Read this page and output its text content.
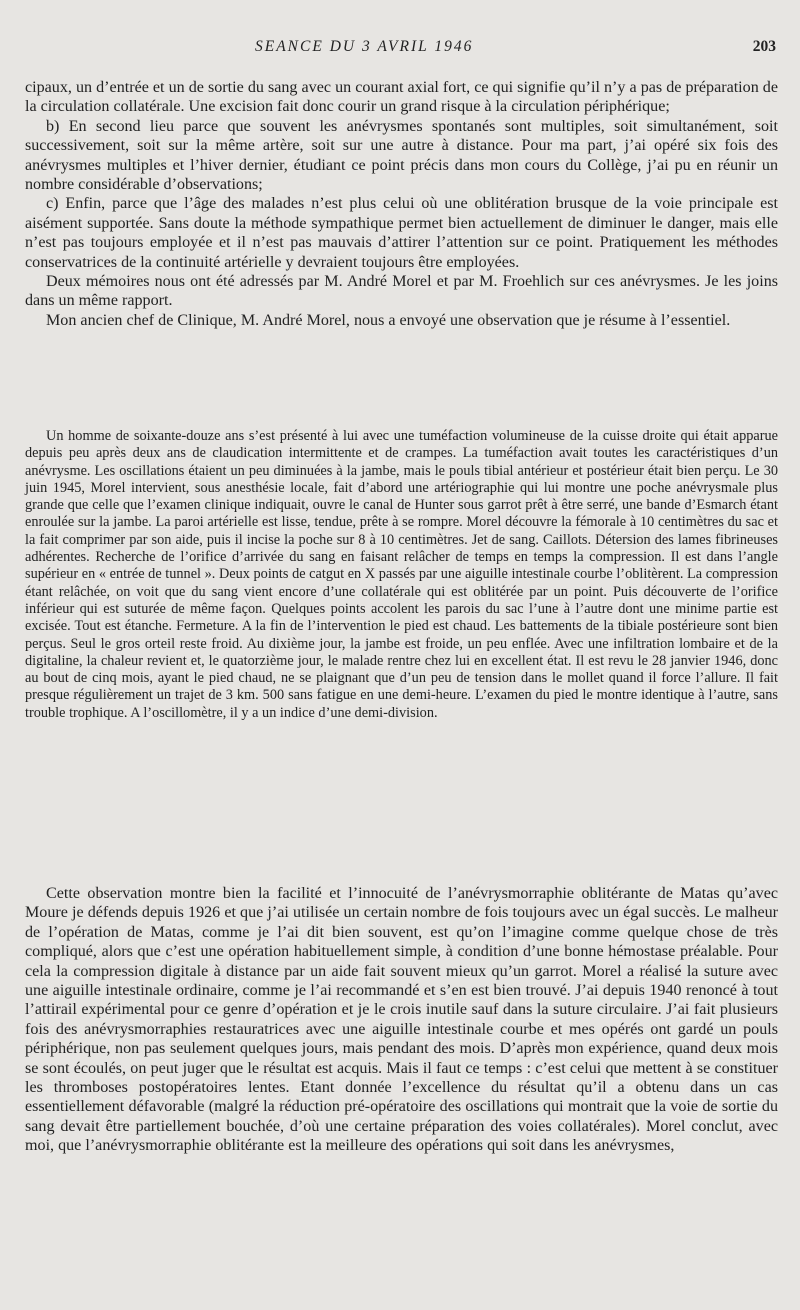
SEANCE DU 3 AVRIL 1946	203

cipaux, un d’entrée et un de sortie du sang avec un courant axial fort, ce qui signifie qu’il n’y a pas de préparation de la circulation collatérale. Une excision fait donc courir un grand risque à la circulation périphérique;

b) En second lieu parce que souvent les anévrysmes spontanés sont multiples, soit simultanément, soit successivement, soit sur la même artère, soit sur une autre à distance. Pour ma part, j’ai opéré six fois des anévrysmes multiples et l’hiver dernier, étudiant ce point précis dans mon cours du Collège, j’ai pu en réunir un nombre considérable d’observations;

c) Enfin, parce que l’âge des malades n’est plus celui où une oblitération brusque de la voie principale est aisément supportée. Sans doute la méthode sympathique permet bien actuellement de diminuer le danger, mais elle n’est pas toujours employée et il n’est pas mauvais d’attirer l’attention sur ce point. Pratiquement les méthodes conservatrices de la continuité artérielle y devraient toujours être employées.

Deux mémoires nous ont été adressés par M. André Morel et par M. Froehlich sur ces anévrysmes. Je les joins dans un même rapport.

Mon ancien chef de Clinique, M. André Morel, nous a envoyé une observation que je résume à l’essentiel.

Un homme de soixante-douze ans s’est présenté à lui avec une tuméfaction volumineuse de la cuisse droite qui était apparue depuis peu après deux ans de claudication intermittente et de crampes. La tuméfaction avait toutes les caractéristiques d’un anévrysme. Les oscillations étaient un peu diminuées à la jambe, mais le pouls tibial antérieur et postérieur était bien perçu. Le 30 juin 1945, Morel intervient, sous anesthésie locale, fait d’abord une artériographie qui lui montre une poche anévrysmale plus grande que celle que l’examen clinique indiquait, ouvre le canal de Hunter sous garrot prêt à être serré, une bande d’Esmarch étant enroulée sur la jambe. La paroi artérielle est lisse, tendue, prête à se rompre. Morel découvre la fémorale à 10 centimètres du sac et la fait comprimer par son aide, puis il incise la poche sur 8 à 10 centimètres. Jet de sang. Caillots. Détersion des lames fibrineuses adhérentes. Recherche de l’orifice d’arrivée du sang en faisant relâcher de temps en temps la compression. Il est dans l’angle supérieur en « entrée de tunnel ». Deux points de catgut en X passés par une aiguille intestinale courbe l’oblitèrent. La compression étant relâchée, on voit que du sang vient encore d’une collatérale qui est oblitérée par un point. Puis découverte de l’orifice inférieur qui est suturée de même façon. Quelques points accolent les parois du sac l’une à l’autre dont une minime partie est excisée. Tout est étanche. Fermeture. A la fin de l’intervention le pied est chaud. Les battements de la tibiale postérieure sont bien perçus. Seul le gros orteil reste froid. Au dixième jour, la jambe est froide, un peu enflée. Avec une infiltration lombaire et de la digitaline, la chaleur revient et, le quatorzième jour, le malade rentre chez lui en excellent état. Il est revu le 28 janvier 1946, donc au bout de cinq mois, ayant le pied chaud, ne se plaignant que d’un peu de tension dans le mollet quand il force l’allure. Il fait presque régulièrement un trajet de 3 km. 500 sans fatigue en une demi-heure. L’examen du pied le montre identique à l’autre, sans trouble trophique. A l’oscillomètre, il y a un indice d’une demi-division.

Cette observation montre bien la facilité et l’innocuité de l’anévrysmorraphie oblitérante de Matas qu’avec Moure je défends depuis 1926 et que j’ai utilisée un certain nombre de fois toujours avec un égal succès. Le malheur de l’opération de Matas, comme je l’ai dit bien souvent, est qu’on l’imagine comme quelque chose de très compliqué, alors que c’est une opération habituellement simple, à condition d’une bonne hémostase préalable. Pour cela la compression digitale à distance par un aide fait souvent mieux qu’un garrot. Morel a réalisé la suture avec une aiguille intestinale ordinaire, comme je l’ai recommandé et s’en est bien trouvé. J’ai depuis 1940 renoncé à tout l’attirail expérimental pour ce genre d’opération et je le crois inutile sauf dans la suture circulaire. J’ai fait plusieurs fois des anévrysmorraphies restauratrices avec une aiguille intestinale courbe et mes opérés ont gardé un pouls périphérique, non pas seulement quelques jours, mais pendant des mois. D’après mon expérience, quand deux mois se sont écoulés, on peut juger que le résultat est acquis. Mais il faut ce temps : c’est celui que mettent à se constituer les thromboses postopératoires lentes. Etant donnée l’excellence du résultat qu’il a obtenu dans un cas essentiellement défavorable (malgré la réduction pré-opératoire des oscillations qui montrait que la voie de sortie du sang devait être partiellement bouchée, d’où une certaine préparation des voies collatérales). Morel conclut, avec moi, que l’anévrysmorraphie oblitérante est la meilleure des opérations qui soit dans les anévrysmes,
